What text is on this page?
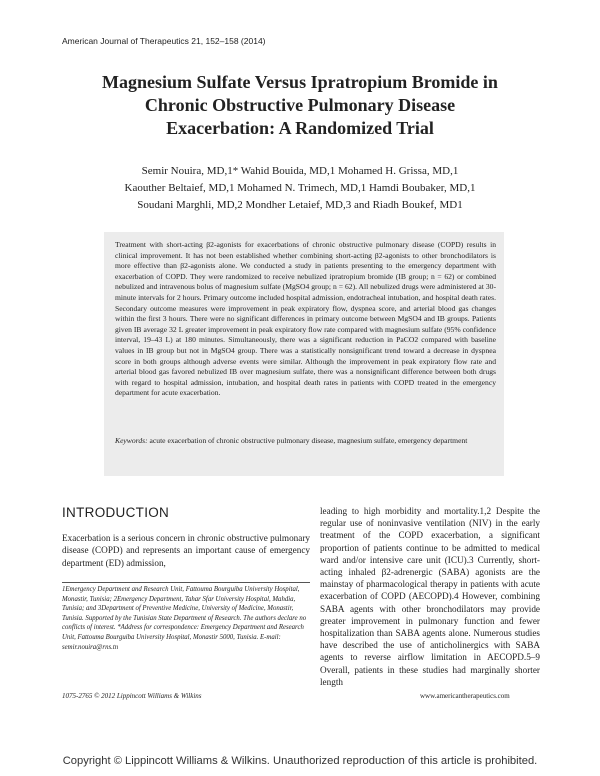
American Journal of Therapeutics 21, 152–158 (2014)
Magnesium Sulfate Versus Ipratropium Bromide in
Chronic Obstructive Pulmonary Disease
Exacerbation: A Randomized Trial
Semir Nouira, MD,1* Wahid Bouida, MD,1 Mohamed H. Grissa, MD,1
Kaouther Beltaief, MD,1 Mohamed N. Trimech, MD,1 Hamdi Boubaker, MD,1
Soudani Marghli, MD,2 Mondher Letaief, MD,3 and Riadh Boukef, MD1
Treatment with short-acting β2-agonists for exacerbations of chronic obstructive pulmonary disease (COPD) results in clinical improvement. It has not been established whether combining short-acting β2-agonists to other bronchodilators is more effective than β2-agonists alone. We conducted a study in patients presenting to the emergency department with exacerbation of COPD. They were randomized to receive nebulized ipratropium bromide (IB group; n = 62) or combined nebulized and intravenous bolus of magnesium sulfate (MgSO4 group; n = 62). All nebulized drugs were administered at 30-minute intervals for 2 hours. Primary outcome included hospital admission, endotracheal intubation, and hospital death rates. Secondary outcome measures were improvement in peak expiratory flow, dyspnea score, and arterial blood gas changes within the first 3 hours. There were no significant differences in primary outcome between MgSO4 and IB groups. Patients given IB average 32 L greater improvement in peak expiratory flow rate compared with magnesium sulfate (95% confidence interval, 19–43 L) at 180 minutes. Simultaneously, there was a significant reduction in PaCO2 compared with baseline values in IB group but not in MgSO4 group. There was a statistically nonsignificant trend toward a decrease in dyspnea score in both groups although adverse events were similar. Although the improvement in peak expiratory flow rate and arterial blood gas favored nebulized IB over magnesium sulfate, there was a nonsignificant difference between both drugs with regard to hospital admission, intubation, and hospital death rates in patients with COPD treated in the emergency department for acute exacerbation.
Keywords: acute exacerbation of chronic obstructive pulmonary disease, magnesium sulfate, emergency department
INTRODUCTION
Exacerbation is a serious concern in chronic obstructive pulmonary disease (COPD) and represents an important cause of emergency department (ED) admission,
1Emergency Department and Research Unit, Fattouma Bourguiba University Hospital, Monastir, Tunisia; 2Emergency Department, Tahar Sfar University Hospital, Mahdia, Tunisia; and 3Department of Preventive Medicine, University of Medicine, Monastir, Tunisia. Supported by the Tunisian State Department of Research. The authors declare no conflicts of interest. *Address for correspondence: Emergency Department and Research Unit, Fattouma Bourguiba University Hospital, Monastir 5000, Tunisia. E-mail: semir.nouira@rns.tn
leading to high morbidity and mortality.1,2 Despite the regular use of noninvasive ventilation (NIV) in the early treatment of the COPD exacerbation, a significant proportion of patients continue to be admitted to medical ward and/or intensive care unit (ICU).3 Currently, short-acting inhaled β2-adrenergic (SABA) agonists are the mainstay of pharmacological therapy in patients with acute exacerbation of COPD (AECOPD).4 However, combining SABA agents with other bronchodilators may provide greater improvement in pulmonary function and fewer hospitalization than SABA agents alone. Numerous studies have described the use of anticholinergics with SABA agents to reverse airflow limitation in AECOPD.5–9 Overall, patients in these studies had marginally shorter length
1075-2765 © 2012 Lippincott Williams & Wilkins	www.americantherapeutics.com
Copyright © Lippincott Williams & Wilkins. Unauthorized reproduction of this article is prohibited.
